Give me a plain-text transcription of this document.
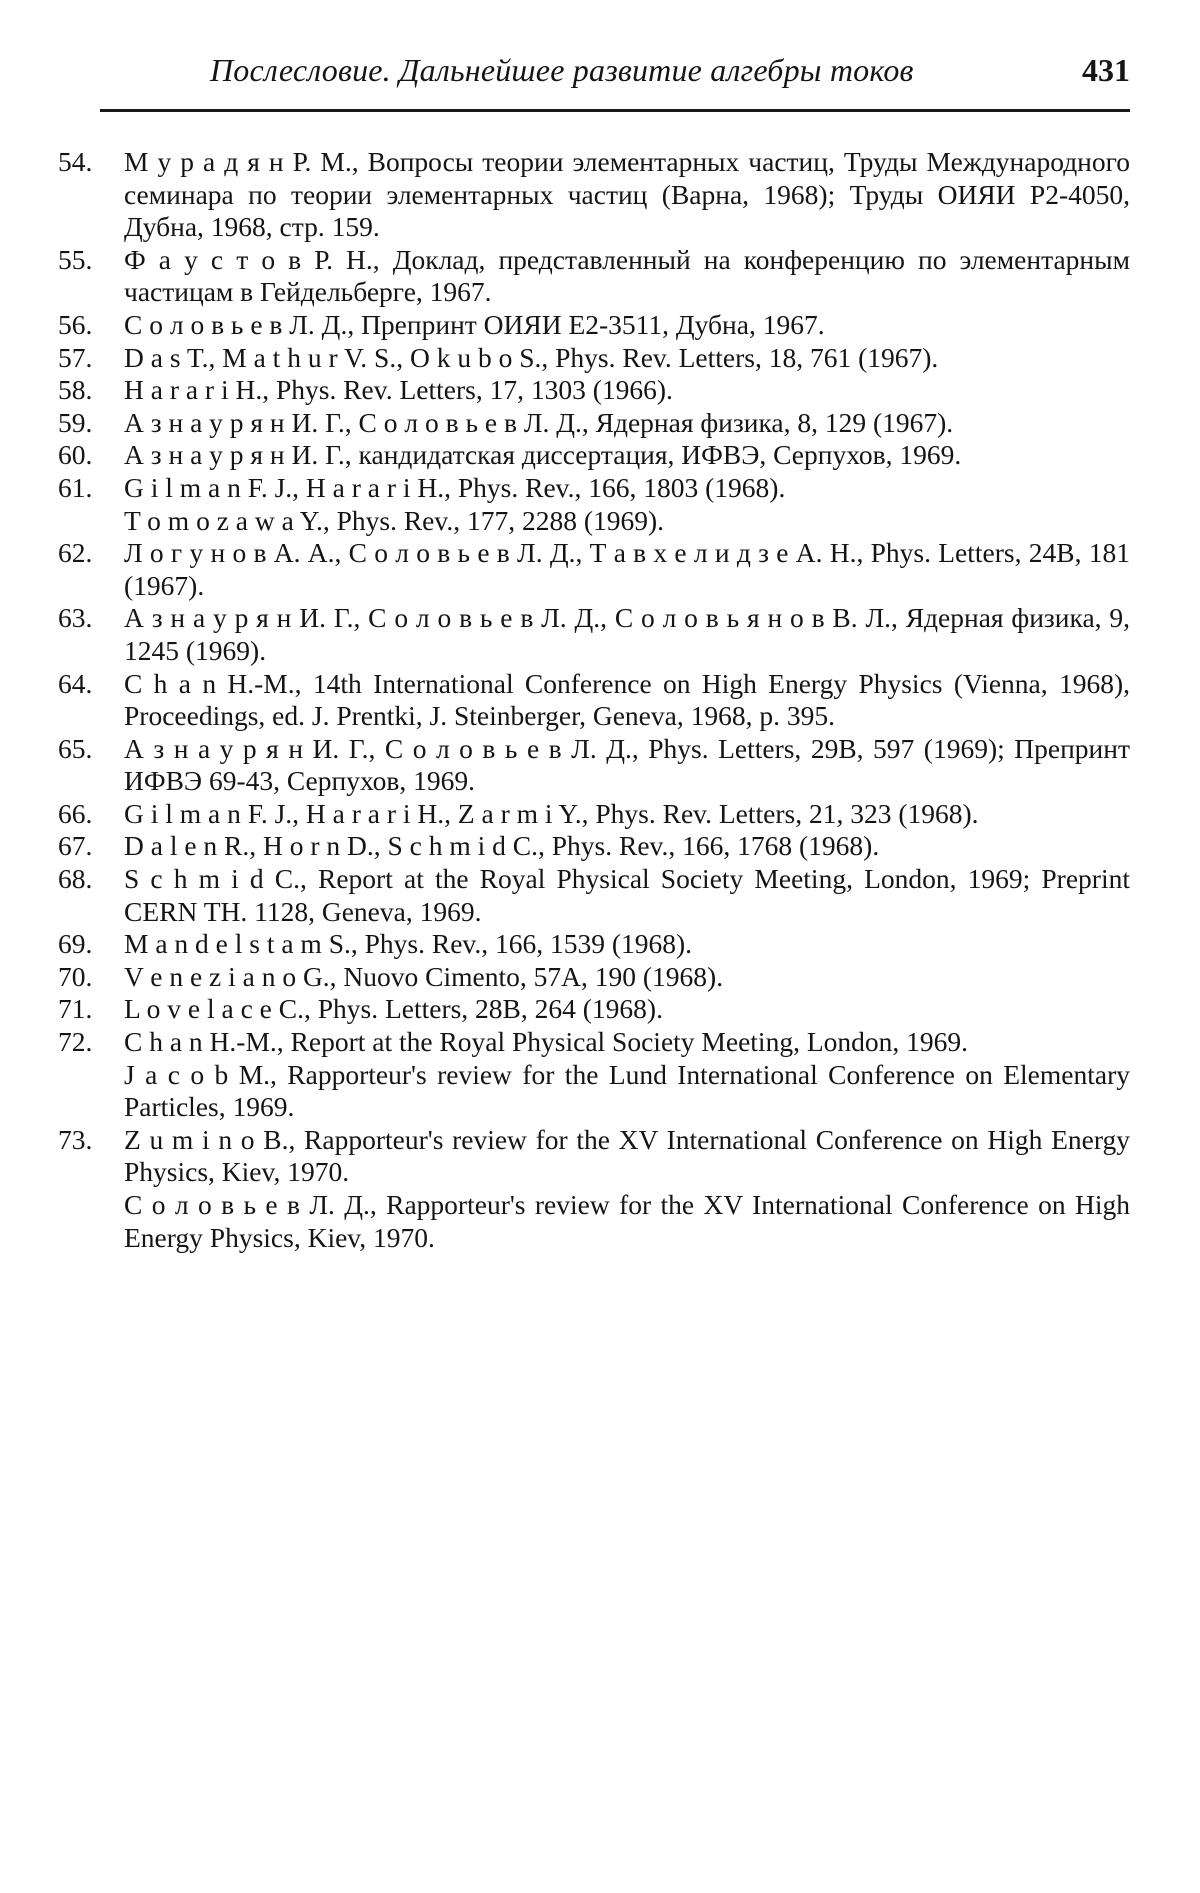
Послесловие. Дальнейшее развитие алгебры токов	431
54. М у р а д я н Р. М., Вопросы теории элементарных частиц, Труды Международного семинара по теории элементарных частиц (Варна, 1968); Труды ОИЯИ Р2-4050, Дубна, 1968, стр. 159.
55. Ф а у с т о в Р. Н., Доклад, представленный на конференцию по элементарным частицам в Гейдельберге, 1967.
56. С о л о в ь е в Л. Д., Препринт ОИЯИ Е2-3511, Дубна, 1967.
57. D a s T., M a t h u r V. S., O k u b o S., Phys. Rev. Letters, 18, 761 (1967).
58. H a r a r i H., Phys. Rev. Letters, 17, 1303 (1966).
59. А з н а у р я н И. Г., С о л о в ь е в Л. Д., Ядерная физика, 8, 129 (1967).
60. А з н а у р я н И. Г., кандидатская диссертация, ИФВЭ, Серпухов, 1969.
61. G i l m a n F. J., H a r a r i H., Phys. Rev., 166, 1803 (1968).
T o m o z a w a Y., Phys. Rev., 177, 2288 (1969).
62. Л о г у н о в А. А., С о л о в ь е в Л. Д., Т а в х е л и д з е А. Н., Phys. Letters, 24B, 181 (1967).
63. А з н а у р я н И. Г., С о л о в ь е в Л. Д., С о л о в ь я н о в В. Л., Ядерная физика, 9, 1245 (1969).
64. C h a n H.-M., 14th International Conference on High Energy Physics (Vienna, 1968), Proceedings, ed. J. Prentki, J. Steinberger, Geneva, 1968, p. 395.
65. А з н а у р я н И. Г., С о л о в ь е в Л. Д., Phys. Letters, 29B, 597 (1969); Препринт ИФВЭ 69-43, Серпухов, 1969.
66. G i l m a n F. J., H a r a r i H., Z a r m i Y., Phys. Rev. Letters, 21, 323 (1968).
67. D a l e n R., H o r n D., S c h m i d C., Phys. Rev., 166, 1768 (1968).
68. S c h m i d C., Report at the Royal Physical Society Meeting, London, 1969; Preprint CERN TH. 1128, Geneva, 1969.
69. M a n d e l s t a m S., Phys. Rev., 166, 1539 (1968).
70. V e n e z i a n o G., Nuovo Cimento, 57A, 190 (1968).
71. L o v e l a c e C., Phys. Letters, 28B, 264 (1968).
72. C h a n H.-M., Report at the Royal Physical Society Meeting, London, 1969.
J a c o b M., Rapporteur's review for the Lund International Conference on Elementary Particles, 1969.
73. Z u m i n o B., Rapporteur's review for the XV International Conference on High Energy Physics, Kiev, 1970.
С о л о в ь е в Л. Д., Rapporteur's review for the XV International Conference on High Energy Physics, Kiev, 1970.
